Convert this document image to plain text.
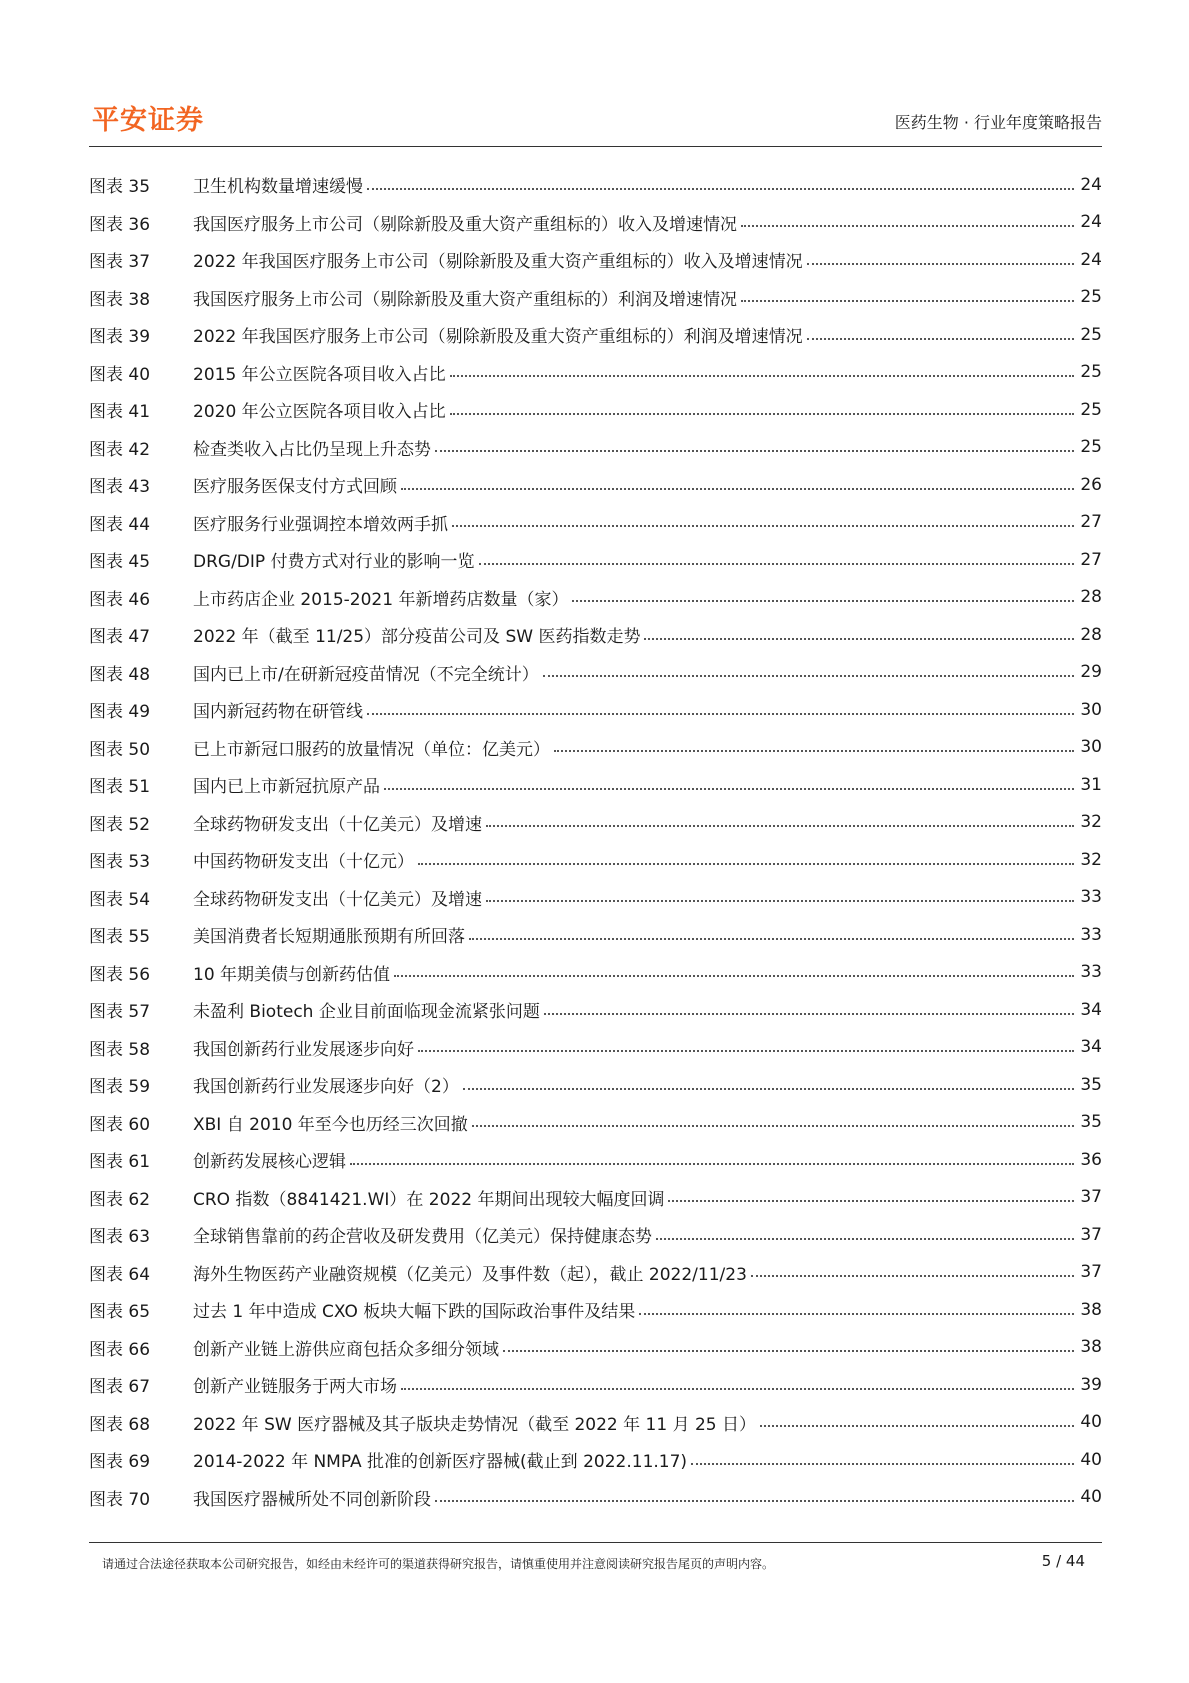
平安证券	医药生物 · 行业年度策略报告
图表 35	卫生机构数量增速缓慢	24
图表 36	我国医疗服务上市公司（剔除新股及重大资产重组标的）收入及增速情况	24
图表 37	2022 年我国医疗服务上市公司（剔除新股及重大资产重组标的）收入及增速情况	24
图表 38	我国医疗服务上市公司（剔除新股及重大资产重组标的）利润及增速情况	25
图表 39	2022 年我国医疗服务上市公司（剔除新股及重大资产重组标的）利润及增速情况	25
图表 40	2015 年公立医院各项目收入占比	25
图表 41	2020 年公立医院各项目收入占比	25
图表 42	检查类收入占比仍呈现上升态势	25
图表 43	医疗服务医保支付方式回顾	26
图表 44	医疗服务行业强调控本增效两手抓	27
图表 45	DRG/DIP 付费方式对行业的影响一览	27
图表 46	上市药店企业 2015-2021 年新增药店数量（家）	28
图表 47	2022 年（截至 11/25）部分疫苗公司及 SW 医药指数走势	28
图表 48	国内已上市/在研新冠疫苗情况（不完全统计）	29
图表 49	国内新冠药物在研管线	30
图表 50	已上市新冠口服药的放量情况（单位：亿美元）	30
图表 51	国内已上市新冠抗原产品	31
图表 52	全球药物研发支出（十亿美元）及增速	32
图表 53	中国药物研发支出（十亿元）	32
图表 54	全球药物研发支出（十亿美元）及增速	33
图表 55	美国消费者长短期通胀预期有所回落	33
图表 56	10 年期美债与创新药估值	33
图表 57	未盈利 Biotech 企业目前面临现金流紧张问题	34
图表 58	我国创新药行业发展逐步向好	34
图表 59	我国创新药行业发展逐步向好（2）	35
图表 60	XBI 自 2010 年至今也历经三次回撤	35
图表 61	创新药发展核心逻辑	36
图表 62	CRO 指数（8841421.WI）在 2022 年期间出现较大幅度回调	37
图表 63	全球销售靠前的药企营收及研发费用（亿美元）保持健康态势	37
图表 64	海外生物医药产业融资规模（亿美元）及事件数（起），截止 2022/11/23	37
图表 65	过去 1 年中造成 CXO 板块大幅下跌的国际政治事件及结果	38
图表 66	创新产业链上游供应商包括众多细分领域	38
图表 67	创新产业链服务于两大市场	39
图表 68	2022 年 SW 医疗器械及其子版块走势情况（截至 2022 年 11 月 25 日）	40
图表 69	2014-2022 年 NMPA 批准的创新医疗器械(截止到 2022.11.17)	40
图表 70	我国医疗器械所处不同创新阶段	40
请通过合法途径获取本公司研究报告，如经由未经许可的渠道获得研究报告，请慎重使用并注意阅读研究报告尾页的声明内容。	5 / 44
